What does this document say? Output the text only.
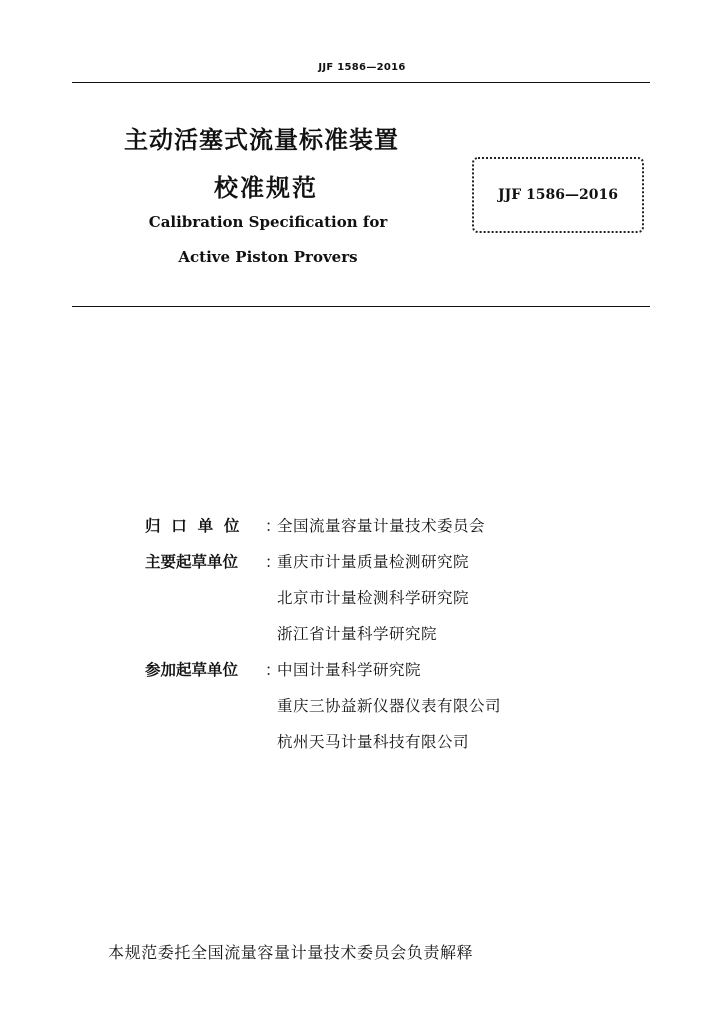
JJF 1586—2016
主动活塞式流量标准装置
校准规范
Calibration Specification for
Active Piston Provers
JJF 1586—2016
归  口  单  位	：
全国流量容量计量技术委员会
主要起草单位	：
重庆市计量质量检测研究院
北京市计量检测科学研究院
浙江省计量科学研究院
参加起草单位	：
中国计量科学研究院
重庆三协益新仪器仪表有限公司
杭州天马计量科技有限公司
本规范委托全国流量容量计量技术委员会负责解释
